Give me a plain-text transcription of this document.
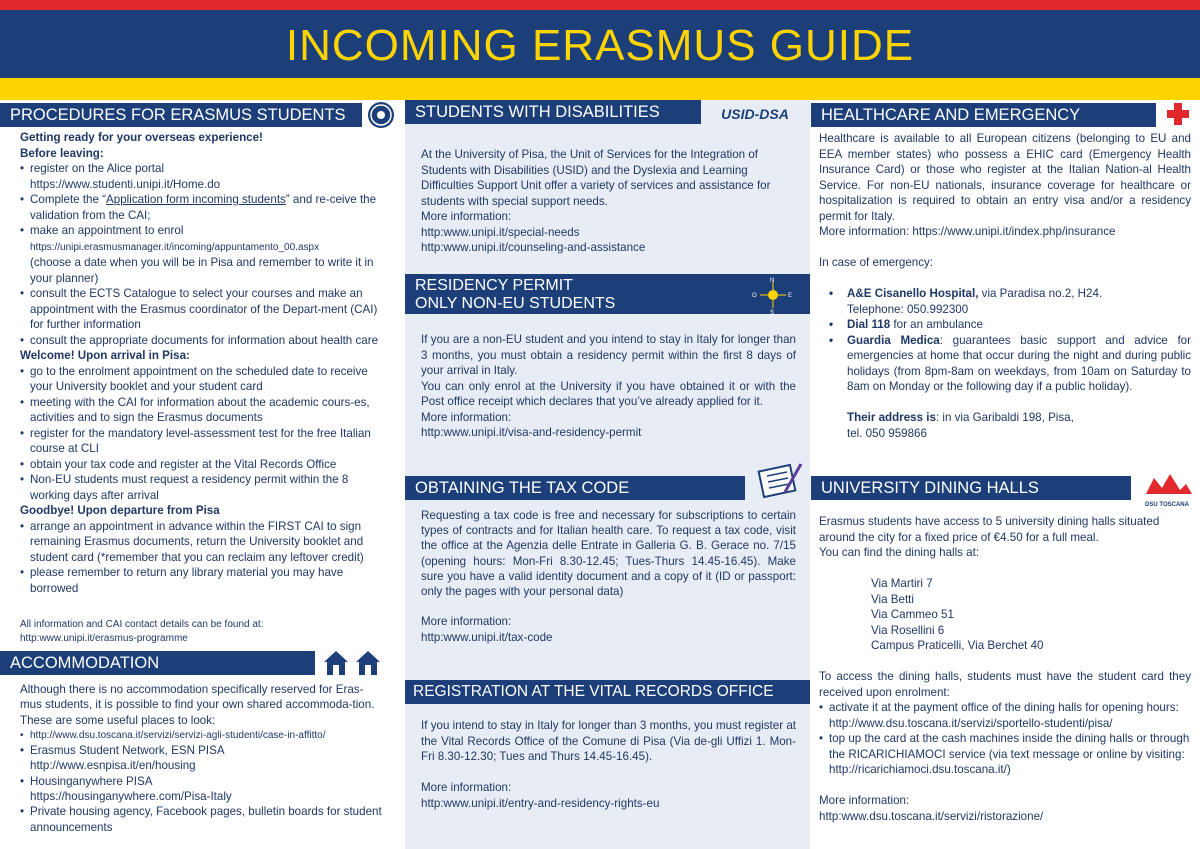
INCOMING ERASMUS GUIDE
PROCEDURES FOR ERASMUS STUDENTS

Getting ready for your overseas experience!

Before leaving:

• register on the Alice portal
https://www.studenti.unipi.it/Home.do
• Complete the “Application form incoming students” and re-ceive the validation from the CAI;
• make an appointment to enrol
https://unipi.erasmusmanager.it/incoming/appuntamento_00.aspx
(choose a date when you will be in Pisa and remember to write it in your planner)
• consult the ECTS Catalogue to select your courses and make an appointment with the Erasmus coordinator of the Depart-ment (CAI) for further information
• consult the appropriate documents for information about health care

Welcome! Upon arrival in Pisa:

• go to the enrolment appointment on the scheduled date to receive your University booklet and your student card
• meeting with the CAI for information about the academic cours-es, activities and to sign the Erasmus documents
• register for the mandatory level-assessment test for the free Italian course at CLI
• obtain your tax code and register at the Vital Records Office
• Non-EU students must request a residency permit within the 8 working days after arrival

Goodbye! Upon departure from Pisa

• arrange an appointment in advance within the FIRST CAI to sign remaining Erasmus documents, return the University booklet and student card (*remember that you can reclaim any leftover credit)
• please remember to return any library material you may have borrowed

All information and CAI contact details can be found at:

http:www.unipi.it/erasmus-programme

ACCOMMODATION

Although there is no accommodation specifically reserved for Eras-mus students, it is possible to find your own shared accommoda-tion. These are some useful places to look:

• http://www.dsu.toscana.it/servizi/servizi-agli-studenti/case-in-affitto/
• Erasmus Student Network, ESN PISA
http://www.esnpisa.it/en/housing
• Housinganywhere PISA
https://housinganywhere.com/Pisa-Italy
• Private housing agency, Facebook pages, bulletin boards for student announcements
STUDENTS WITH DISABILITIES	USID-DSA

At the University of Pisa, the Unit of Services for the Integration of Students with Disabilities (USID) and the Dyslexia and Learning Difficulties Support Unit offer a variety of services and assistance for students with special support needs.

More information:

http:www.unipi.it/special-needs

http:www.unipi.it/counseling-and-assistance

RESIDENCY PERMIT
ONLY NON-EU STUDENTS
N
S
E
O

If you are a non-EU student and you intend to stay in Italy for longer than 3 months, you must obtain a residency permit within the first 8 days of your arrival in Italy.

You can only enrol at the University if you have obtained it or with the Post office receipt which declares that you’ve already applied for it.

More information:

http:www.unipi.it/visa-and-residency-permit

OBTAINING THE TAX CODE

Requesting a tax code is free and necessary for subscriptions to certain types of contracts and for Italian health care. To request a tax code, visit the office at the Agenzia delle Entrate in Galleria G. B. Gerace no. 7/15 (opening hours: Mon-Fri 8.30-12.45; Tues-Thurs 14.45-16.45). Make sure you have a valid identity document and a copy of it (ID or passport: only the pages with your personal data)

More information:

http:www.unipi.it/tax-code

REGISTRATION AT THE VITAL RECORDS OFFICE

If you intend to stay in Italy for longer than 3 months, you must register at the Vital Records Office of the Comune di Pisa (Via de-gli Uffizi 1. Mon-Fri 8.30-12.30; Tues and Thurs 14.45-16.45).

More information:

http:www.unipi.it/entry-and-residency-rights-eu

HEALTHCARE AND EMERGENCY

Healthcare is available to all European citizens (belonging to EU and EEA member states) who possess a EHIC card (Emergency Health Insurance Card) or those who register at the Italian Nation-al Health Service. For non-EU nationals, insurance coverage for healthcare or hospitalization is required to obtain an entry visa and/or a residency permit for Italy.

More information: https://www.unipi.it/index.php/insurance

In case of emergency:

• A&E Cisanello Hospital, via Paradisa no.2, H24.
Telephone: 050.992300
• Dial 118 for an ambulance
• Guardia Medica: guarantees basic support and advice for emergencies at home that occur during the night and during public holidays (from 8pm-8am on weekdays, from 10am on Saturday to 8am on Monday or the following day if a public holiday).

Their address is: in via Garibaldi 198, Pisa,
tel. 050 959866

UNIVERSITY DINING HALLS
DSU TOSCANA

Erasmus students have access to 5 university dining halls situated around the city for a fixed price of €4.50 for a full meal.

You can find the dining halls at:

Via Martiri 7
Via Betti
Via Cammeo 51
Via Rosellini 6
Campus Praticelli, Via Berchet 40

To access the dining halls, students must have the student card they received upon enrolment:

• activate it at the payment office of the dining halls for opening hours: http://www.dsu.toscana.it/servizi/sportello-studenti/pisa/
• top up the card at the cash machines inside the dining halls or through the RICARICHIAMOCI service (via text message or online by visiting: http://ricarichiamoci.dsu.toscana.it/)

More information:

http:www.dsu.toscana.it/servizi/ristorazione/
